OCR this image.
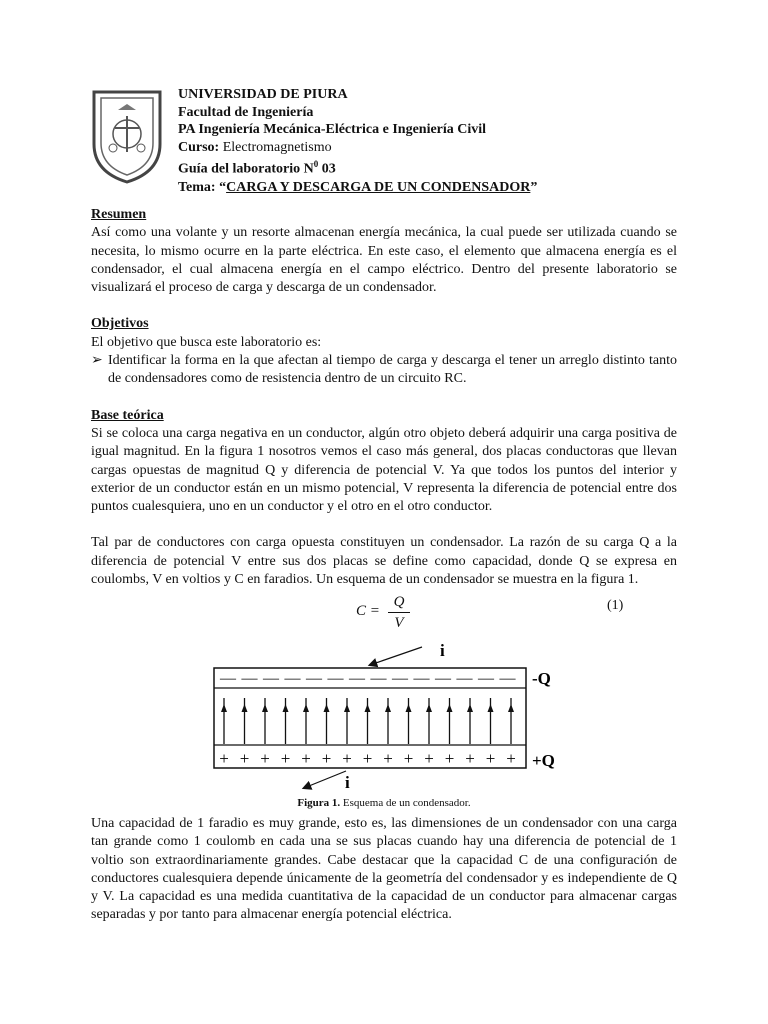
UNIVERSIDAD DE PIURA
Facultad de Ingeniería
PA Ingeniería Mecánica-Eléctrica e Ingeniería Civil
Curso: Electromagnetismo
Guía del laboratorio $N^0$ 03
Tema: “CARGA Y DESCARGA DE UN CONDENSADOR”
Resumen

Así como una volante y un resorte almacenan energía mecánica, la cual puede ser utilizada cuando se necesita, lo mismo ocurre en la parte eléctrica. En este caso, el elemento que almacena energía es el condensador, el cual almacena energía en el campo eléctrico. Dentro del presente laboratorio se visualizará el proceso de carga y descarga de un condensador.

Objetivos

El objetivo que busca este laboratorio es:

➢ Identificar la forma en la que afectan al tiempo de carga y descarga el tener un arreglo distinto tanto de condensadores como de resistencia dentro de un circuito RC.
Base teórica

Si se coloca una carga negativa en un conductor, algún otro objeto deberá adquirir una carga positiva de igual magnitud. En la figura 1 nosotros vemos el caso más general, dos placas conductoras que llevan cargas opuestas de magnitud Q y diferencia de potencial V. Ya que todos los puntos del interior y exterior de un conductor están en un mismo potencial, V representa la diferencia de potencial entre dos puntos cualesquiera, uno en un conductor y el otro en el otro conductor.

Tal par de conductores con carga opuesta constituyen un condensador. La razón de su carga Q a la diferencia de potencial V entre sus dos placas se define como capacidad, donde Q se expresa en coulombs, V en voltios y C en faradios. Un esquema de un condensador se muestra en la figura 1.

C =
Q
V
(1)
i
— — — — — — — — — — — — — —
+ + + + + + + + + + + + + + +
-Q
+Q
i
Figura 1. Esquema de un condensador.

Una capacidad de 1 faradio es muy grande, esto es, las dimensiones de un condensador con una carga tan grande como 1 coulomb en cada una se sus placas cuando hay una diferencia de potencial de 1 voltio son extraordinariamente grandes. Cabe destacar que la capacidad C de una configuración de conductores cualesquiera depende únicamente de la geometría del condensador y es independiente de Q y V. La capacidad es una medida cuantitativa de la capacidad de un conductor para almacenar cargas separadas y por tanto para almacenar energía potencial eléctrica.
